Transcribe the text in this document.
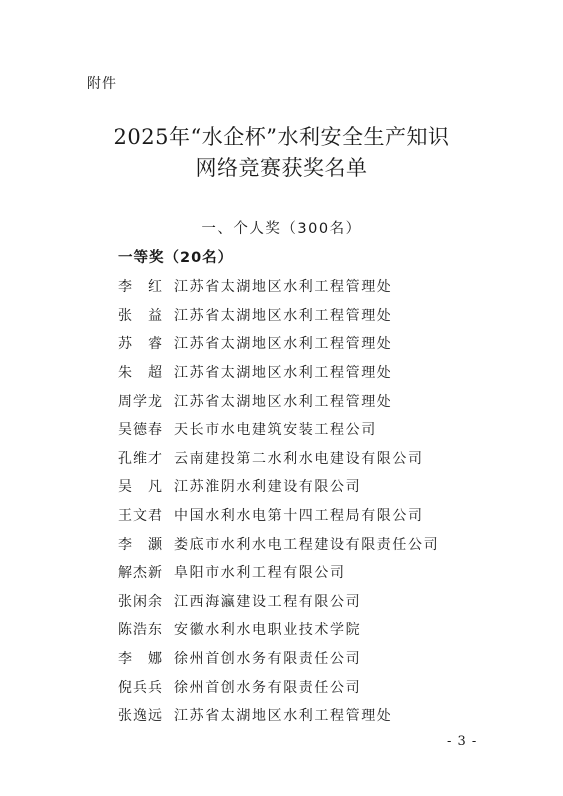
附件
2025年“水企杯”水利安全生产知识
网络竞赛获奖名单
一、个人奖（300名）
一等奖（20名）
李　红 江苏省太湖地区水利工程管理处
张　益 江苏省太湖地区水利工程管理处
苏　睿 江苏省太湖地区水利工程管理处
朱　超 江苏省太湖地区水利工程管理处
周学龙 江苏省太湖地区水利工程管理处
吴德春 天长市水电建筑安装工程公司
孔维才 云南建投第二水利水电建设有限公司
吴　凡 江苏淮阴水利建设有限公司
王文君 中国水利水电第十四工程局有限公司
李　灏 娄底市水利水电工程建设有限责任公司
解杰新 阜阳市水利工程有限公司
张闲余 江西海瀛建设工程有限公司
陈浩东 安徽水利水电职业技术学院
李　娜 徐州首创水务有限责任公司
倪兵兵 徐州首创水务有限责任公司
张逸远 江苏省太湖地区水利工程管理处
- 3 -
